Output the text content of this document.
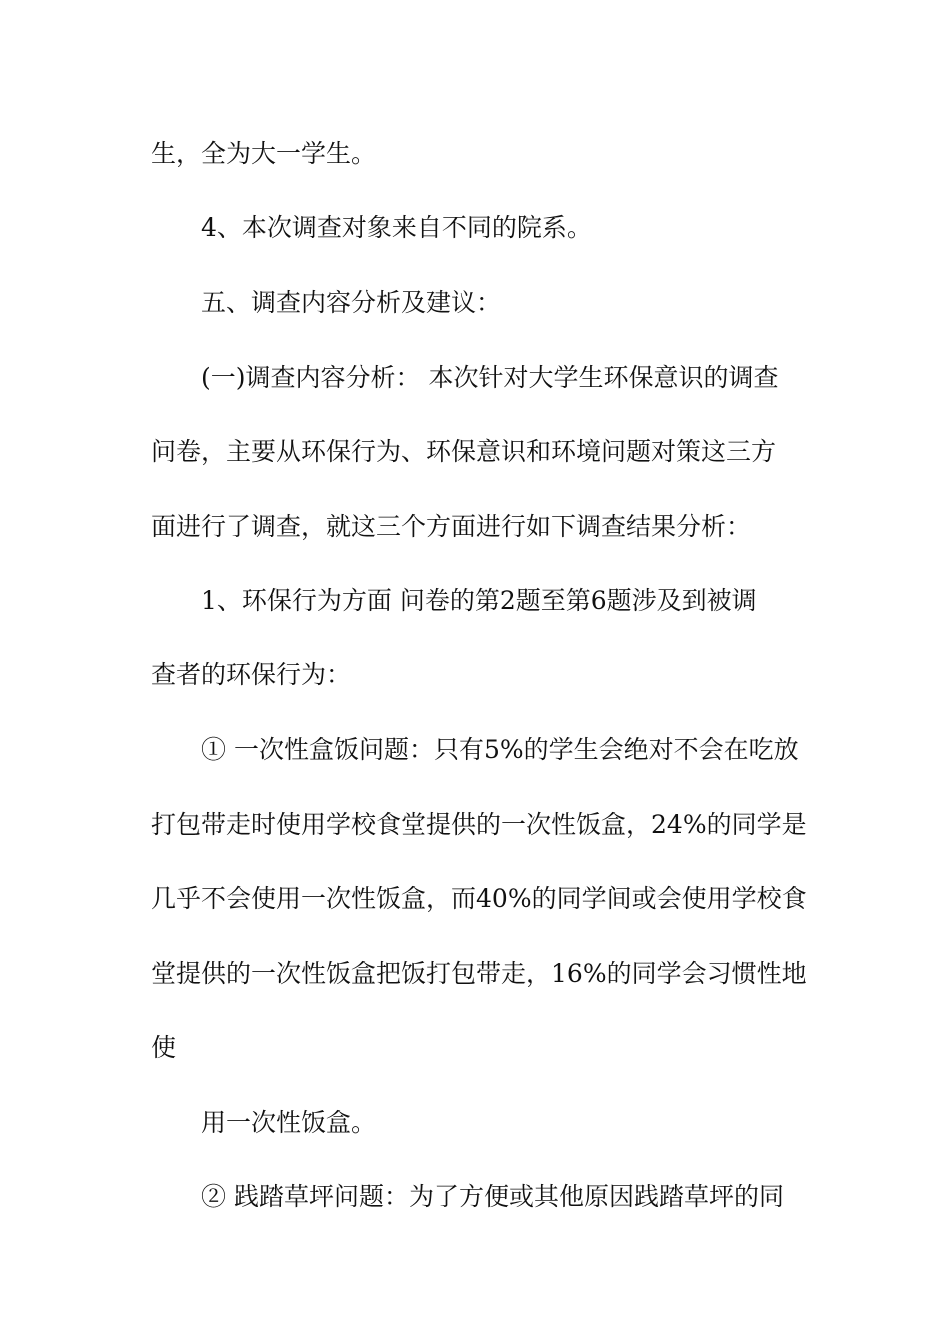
生，全为大一学生。
4、本次调查对象来自不同的院系。
五、调查内容分析及建议：
(一)调查内容分析： 本次针对大学生环保意识的调查
问卷，主要从环保行为、环保意识和环境问题对策这三方
面进行了调查，就这三个方面进行如下调查结果分析：
1、环保行为方面 问卷的第2题至第6题涉及到被调
查者的环保行为：
① 一次性盒饭问题：只有5%的学生会绝对不会在吃放
打包带走时使用学校食堂提供的一次性饭盒，24%的同学是
几乎不会使用一次性饭盒，而40%的同学间或会使用学校食
堂提供的一次性饭盒把饭打包带走，16%的同学会习惯性地
使
用一次性饭盒。
② 践踏草坪问题：为了方便或其他原因践踏草坪的同
